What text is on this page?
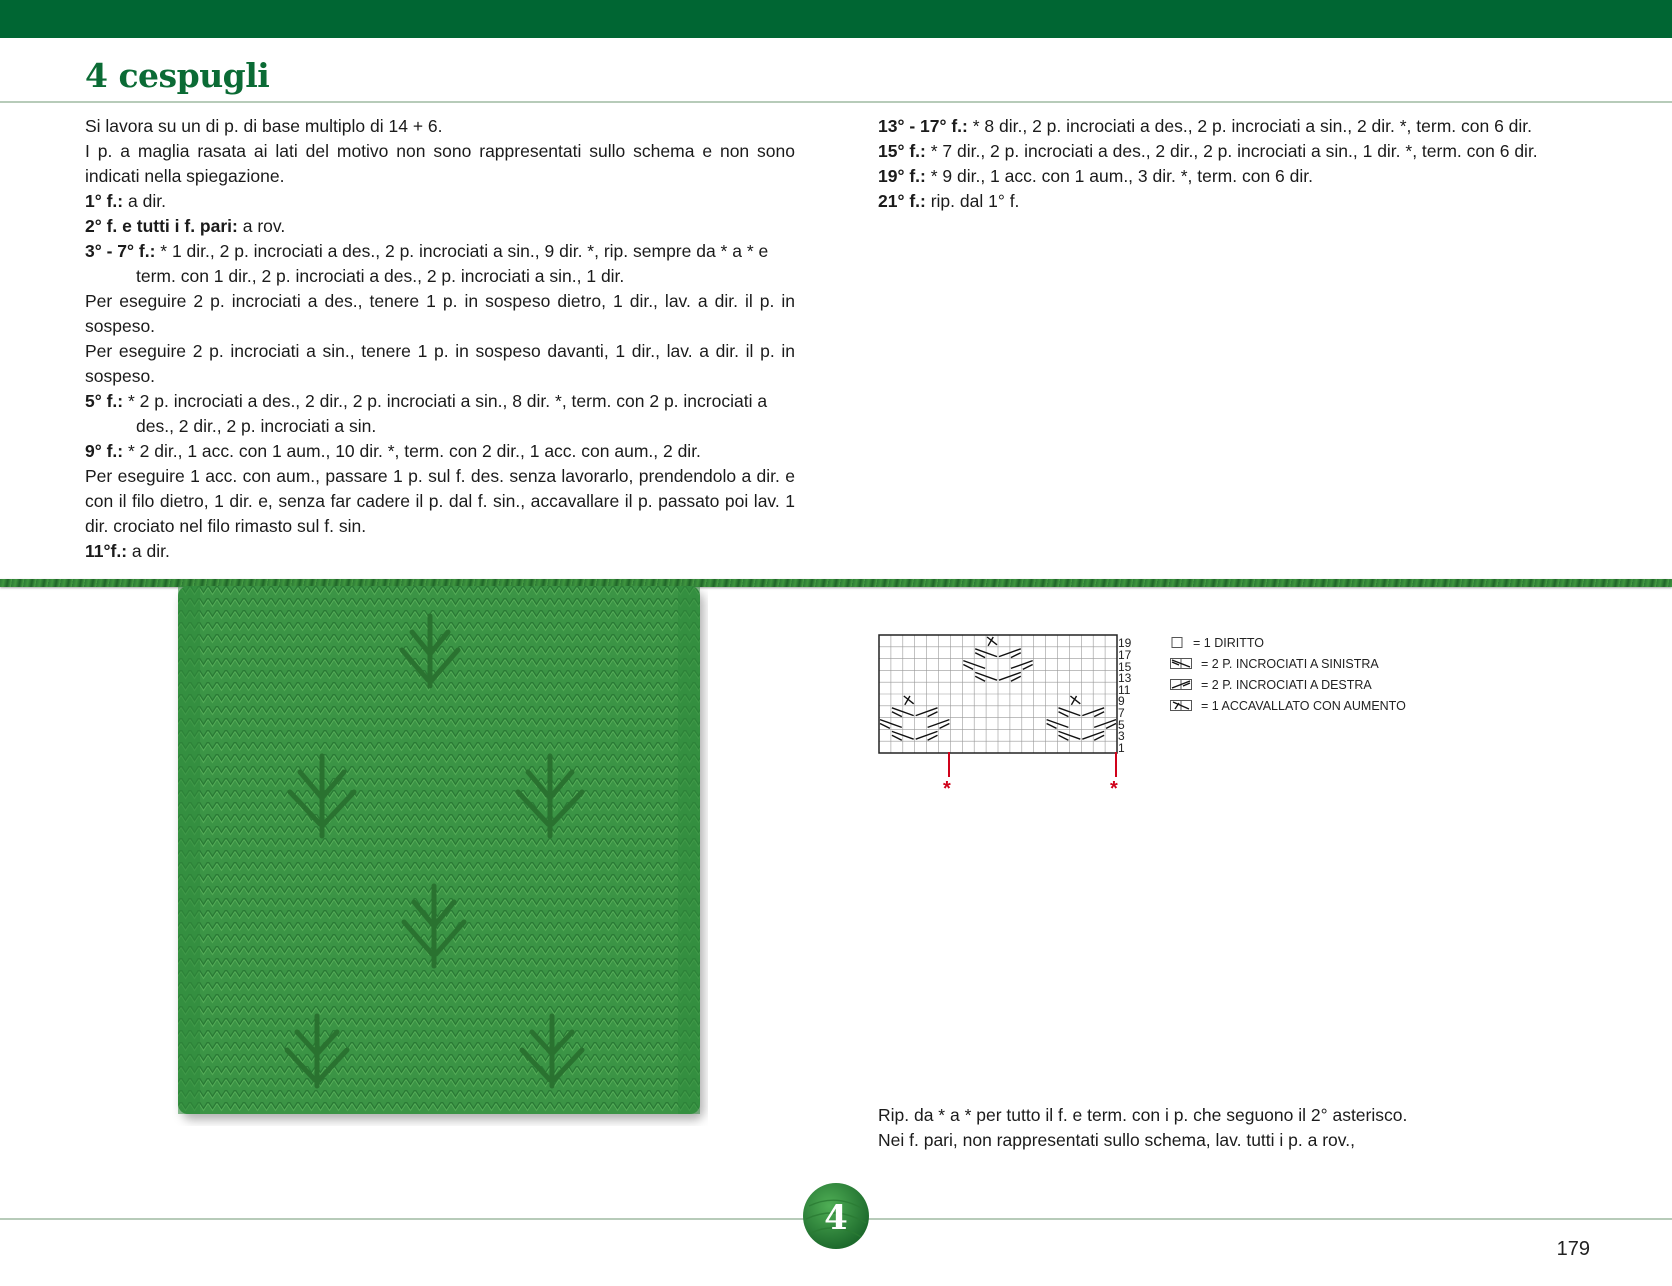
4 cespugli

Si lavora su un di p. di base multiplo di 14 + 6.

I p. a maglia rasata ai lati del motivo non sono rappresentati sullo schema e non sono indicati nella spiegazione.

1° f.: a dir.

2° f. e tutti i f. pari: a rov.

3° - 7° f.: * 1 dir., 2 p. incrociati a des., 2 p. incrociati a sin., 9 dir. *, rip. sempre da * a * e term. con 1 dir., 2 p. incrociati a des., 2 p. incrociati a sin., 1 dir.

Per eseguire 2 p. incrociati a des., tenere 1 p. in sospeso dietro, 1 dir., lav. a dir. il p. in sospeso.

Per eseguire 2 p. incrociati a sin., tenere 1 p. in sospeso davanti, 1 dir., lav. a dir. il p. in sospeso.

5° f.: * 2 p. incrociati a des., 2 dir., 2 p. incrociati a sin., 8 dir. *, term. con 2 p. incrociati a des., 2 dir., 2 p. incrociati a sin.

9° f.: * 2 dir., 1 acc. con 1 aum., 10 dir. *, term. con 2 dir., 1 acc. con aum., 2 dir.

Per eseguire 1 acc. con aum., passare 1 p. sul f. des. senza lavorarlo, prendendolo a dir. e con il filo dietro, 1 dir. e, senza far cadere il p. dal f. sin., accavallare il p. passato poi lav. 1 dir. crociato nel filo rimasto sul f. sin.

11°f.: a dir.

13° - 17° f.: * 8 dir., 2 p. incrociati a des., 2 p. incrociati a sin., 2 dir. *, term. con 6 dir.

15° f.: * 7 dir., 2 p. incrociati a des., 2 dir., 2 p. incrociati a sin., 1 dir. *, term. con 6 dir.

19° f.: * 9 dir., 1 acc. con 1 aum., 3 dir. *, term. con 6 dir.

21° f.: rip. dal 1° f.

19
17
15
13
11
9
7
5
3
1
*	*
= 1 DIRITTO
= 2 P. INCROCIATI A SINISTRA
= 2 P. INCROCIATI A DESTRA
= 1 ACCAVALLATO CON AUMENTO

Rip. da * a * per tutto il f. e term. con i p. che seguono il 2° asterisco.

Nei f. pari, non rappresentati sullo schema, lav. tutti i p. a rov.,

4
179
